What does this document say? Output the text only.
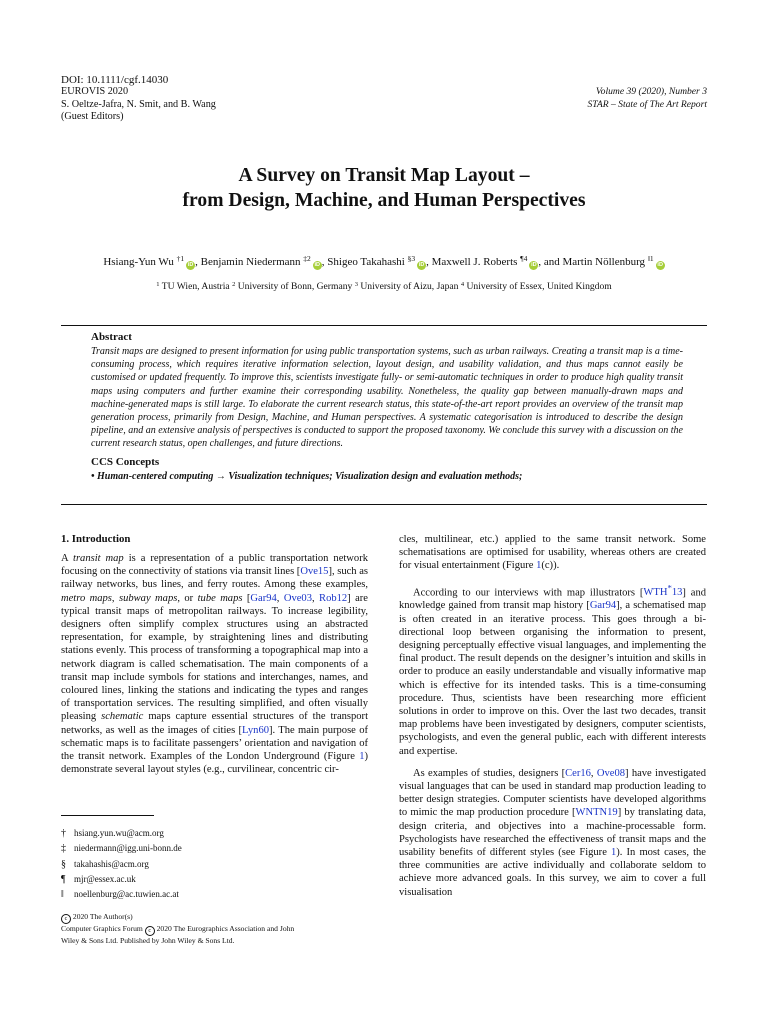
DOI: 10.1111/cgf.14030
EUROVIS 2020
S. Oeltze-Jafra, N. Smit, and B. Wang
(Guest Editors)
Volume 39 (2020), Number 3
STAR – State of The Art Report
A Survey on Transit Map Layout –
from Design, Machine, and Human Perspectives
Hsiang-Yun Wu $^{\dagger 1}$iD , Benjamin Niedermann $^{\ddagger 2}$iD , Shigeo Takahashi $^{\S 3}$iD , Maxwell J. Roberts $^{\P 4}$iD , and Martin Nöllenburg $^{‖1}$iD
$^1$ TU Wien, Austria $^2$ University of Bonn, Germany $^3$ University of Aizu, Japan $^4$ University of Essex, United Kingdom
Abstract
Transit maps are designed to present information for using public transportation systems, such as urban railways. Creating a transit map is a time-consuming process, which requires iterative information selection, layout design, and usability validation, and thus maps cannot easily be customised or updated frequently. To improve this, scientists investigate fully- or semi-automatic techniques in order to produce high quality transit maps using computers and further examine their corresponding usability. Nonetheless, the quality gap between manually-drawn maps and machine-generated maps is still large. To elaborate the current research status, this state-of-the-art report provides an overview of the transit map generation process, primarily from Design, Machine, and Human perspectives. A systematic categorisation is introduced to describe the design pipeline, and an extensive analysis of perspectives is conducted to support the proposed taxonomy. We conclude this survey with a discussion on the current research status, open challenges, and future directions.
CCS Concepts
• Human-centered computing → Visualization techniques; Visualization design and evaluation methods;
1. Introduction

A transit map is a representation of a public transportation network focusing on the connectivity of stations via transit lines [Ove15], such as railway networks, bus lines, and ferry routes. Among these examples, metro maps, subway maps, or tube maps [Gar94, Ove03, Rob12] are typical transit maps of metropolitan railways. To increase legibility, designers often simplify complex structures using an abstracted representation, for example, by straightening lines and distributing stations evenly. This process of transforming a topographical map into a network diagram is called schematisation. The main components of a transit map include symbols for stations and interchanges, names, and coloured lines, linking the stations and indicating the types and ranges of transportation services. The resulting simplified, and often visually pleasing schematic maps capture essential structures of the transport networks, as well as the images of cities [Lyn60]. The main purpose of schematic maps is to facilitate passengers’ orientation and navigation of the transit network. Examples of the London Underground (Figure 1) demonstrate several layout styles (e.g., curvilinear, concentric cir-

cles, multilinear, etc.) applied to the same transit network. Some schematisations are optimised for usability, whereas others are created for visual entertainment (Figure 1(c)).

According to our interviews with map illustrators [WTH*13] and knowledge gained from transit map history [Gar94], a schematised map is often created in an iterative process. This goes through a bi-directional loop between organising the information to present, designing perceptually effective visual languages, and implementing the final product. The result depends on the designer’s intuition and skills in order to produce an easily understandable and visually informative map which is effective for its intended tasks. This is a time-consuming procedure. Thus, scientists have been researching more efficient solutions in order to improve on this. Over the last two decades, transit map problems have been investigated by designers, computer scientists, psychologists, and even the general public, each with different interests and expertise.

As examples of studies, designers [Cer16, Ove08] have investigated visual languages that can be used in standard map production leading to better design strategies. Computer scientists have developed algorithms to mimic the map production procedure [WNTN19] by translating data, design criteria, and objectives into a machine-processable form. Psychologists have researched the effectiveness of transit maps and the usability benefits of different styles (see Figure 1). In most cases, the three communities are active individually and collaborate seldom to achieve more advanced goals. In this survey, we aim to cover a full visualisation

† hsiang.yun.wu@acm.org
‡ niedermann@igg.uni-bonn.de
§ takahashis@acm.org
¶ mjr@essex.ac.uk
‖ noellenburg@ac.tuwien.ac.at
c 2020 The Author(s)
Computer Graphics Forum c 2020 The Eurographics Association and John
Wiley & Sons Ltd. Published by John Wiley & Sons Ltd.
